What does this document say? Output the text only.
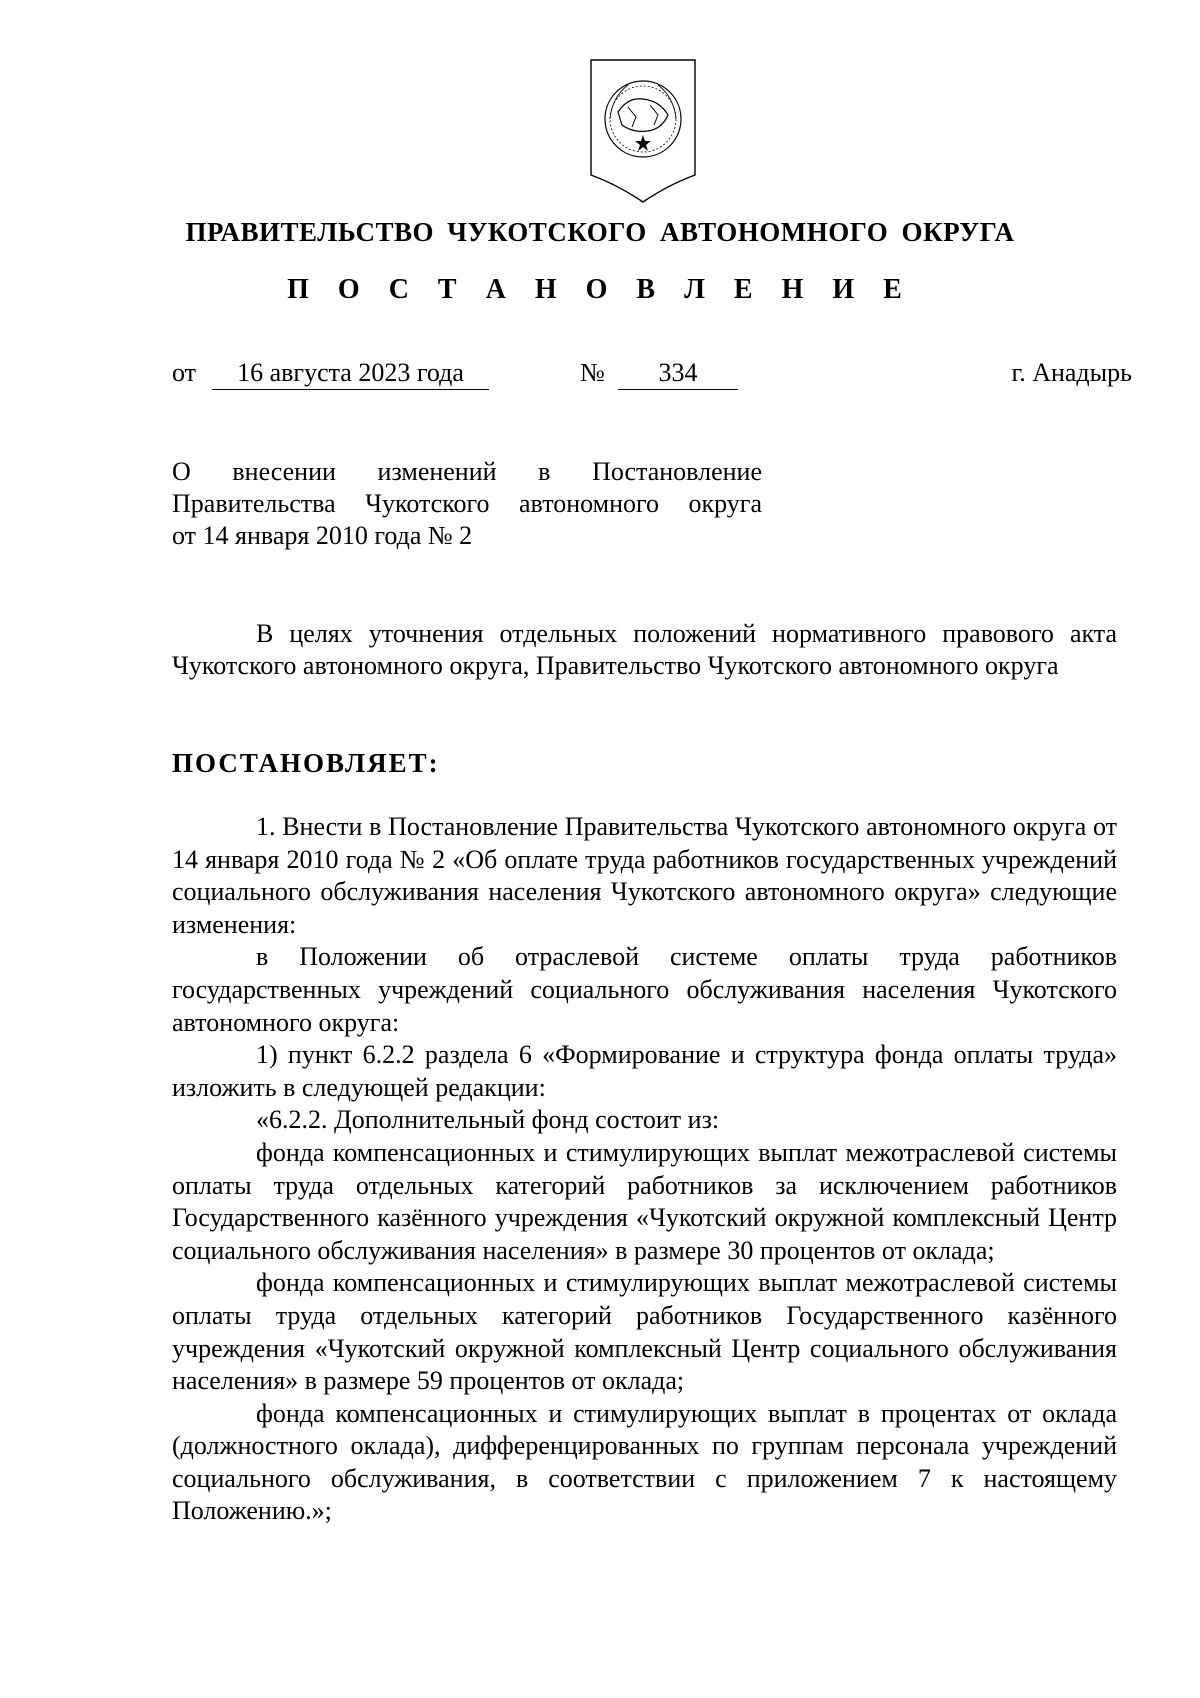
ПРАВИТЕЛЬСТВО ЧУКОТСКОГО АВТОНОМНОГО ОКРУГА
П О С Т А Н О В Л Е Н И Е
от	16 августа 2023 года	№	334	г. Анадырь
О внесении изменений в Постановление
Правительства Чукотского автономного округа
от 14 января 2010 года № 2
В целях уточнения отдельных положений нормативного правового акта Чукотского автономного округа, Правительство Чукотского автономного округа
ПОСТАНОВЛЯЕТ:

1. Внести в Постановление Правительства Чукотского автономного округа от 14 января 2010 года № 2 «Об оплате труда работников государственных учреждений социального обслуживания населения Чукотского автономного округа» следующие изменения:

в Положении об отраслевой системе оплаты труда работников государственных учреждений социального обслуживания населения Чукотского автономного округа:

1) пункт 6.2.2 раздела 6 «Формирование и структура фонда оплаты труда» изложить в следующей редакции:

«6.2.2. Дополнительный фонд состоит из:

фонда компенсационных и стимулирующих выплат межотраслевой системы оплаты труда отдельных категорий работников за исключением работников Государственного казённого учреждения «Чукотский окружной комплексный Центр социального обслуживания населения» в размере 30 процентов от оклада;

фонда компенсационных и стимулирующих выплат межотраслевой системы оплаты труда отдельных категорий работников Государственного казённого учреждения «Чукотский окружной комплексный Центр социального обслуживания населения» в размере 59 процентов от оклада;

фонда компенсационных и стимулирующих выплат в процентах от оклада (должностного оклада), дифференцированных по группам персонала учреждений социального обслуживания, в соответствии с приложением 7 к настоящему Положению.»;
